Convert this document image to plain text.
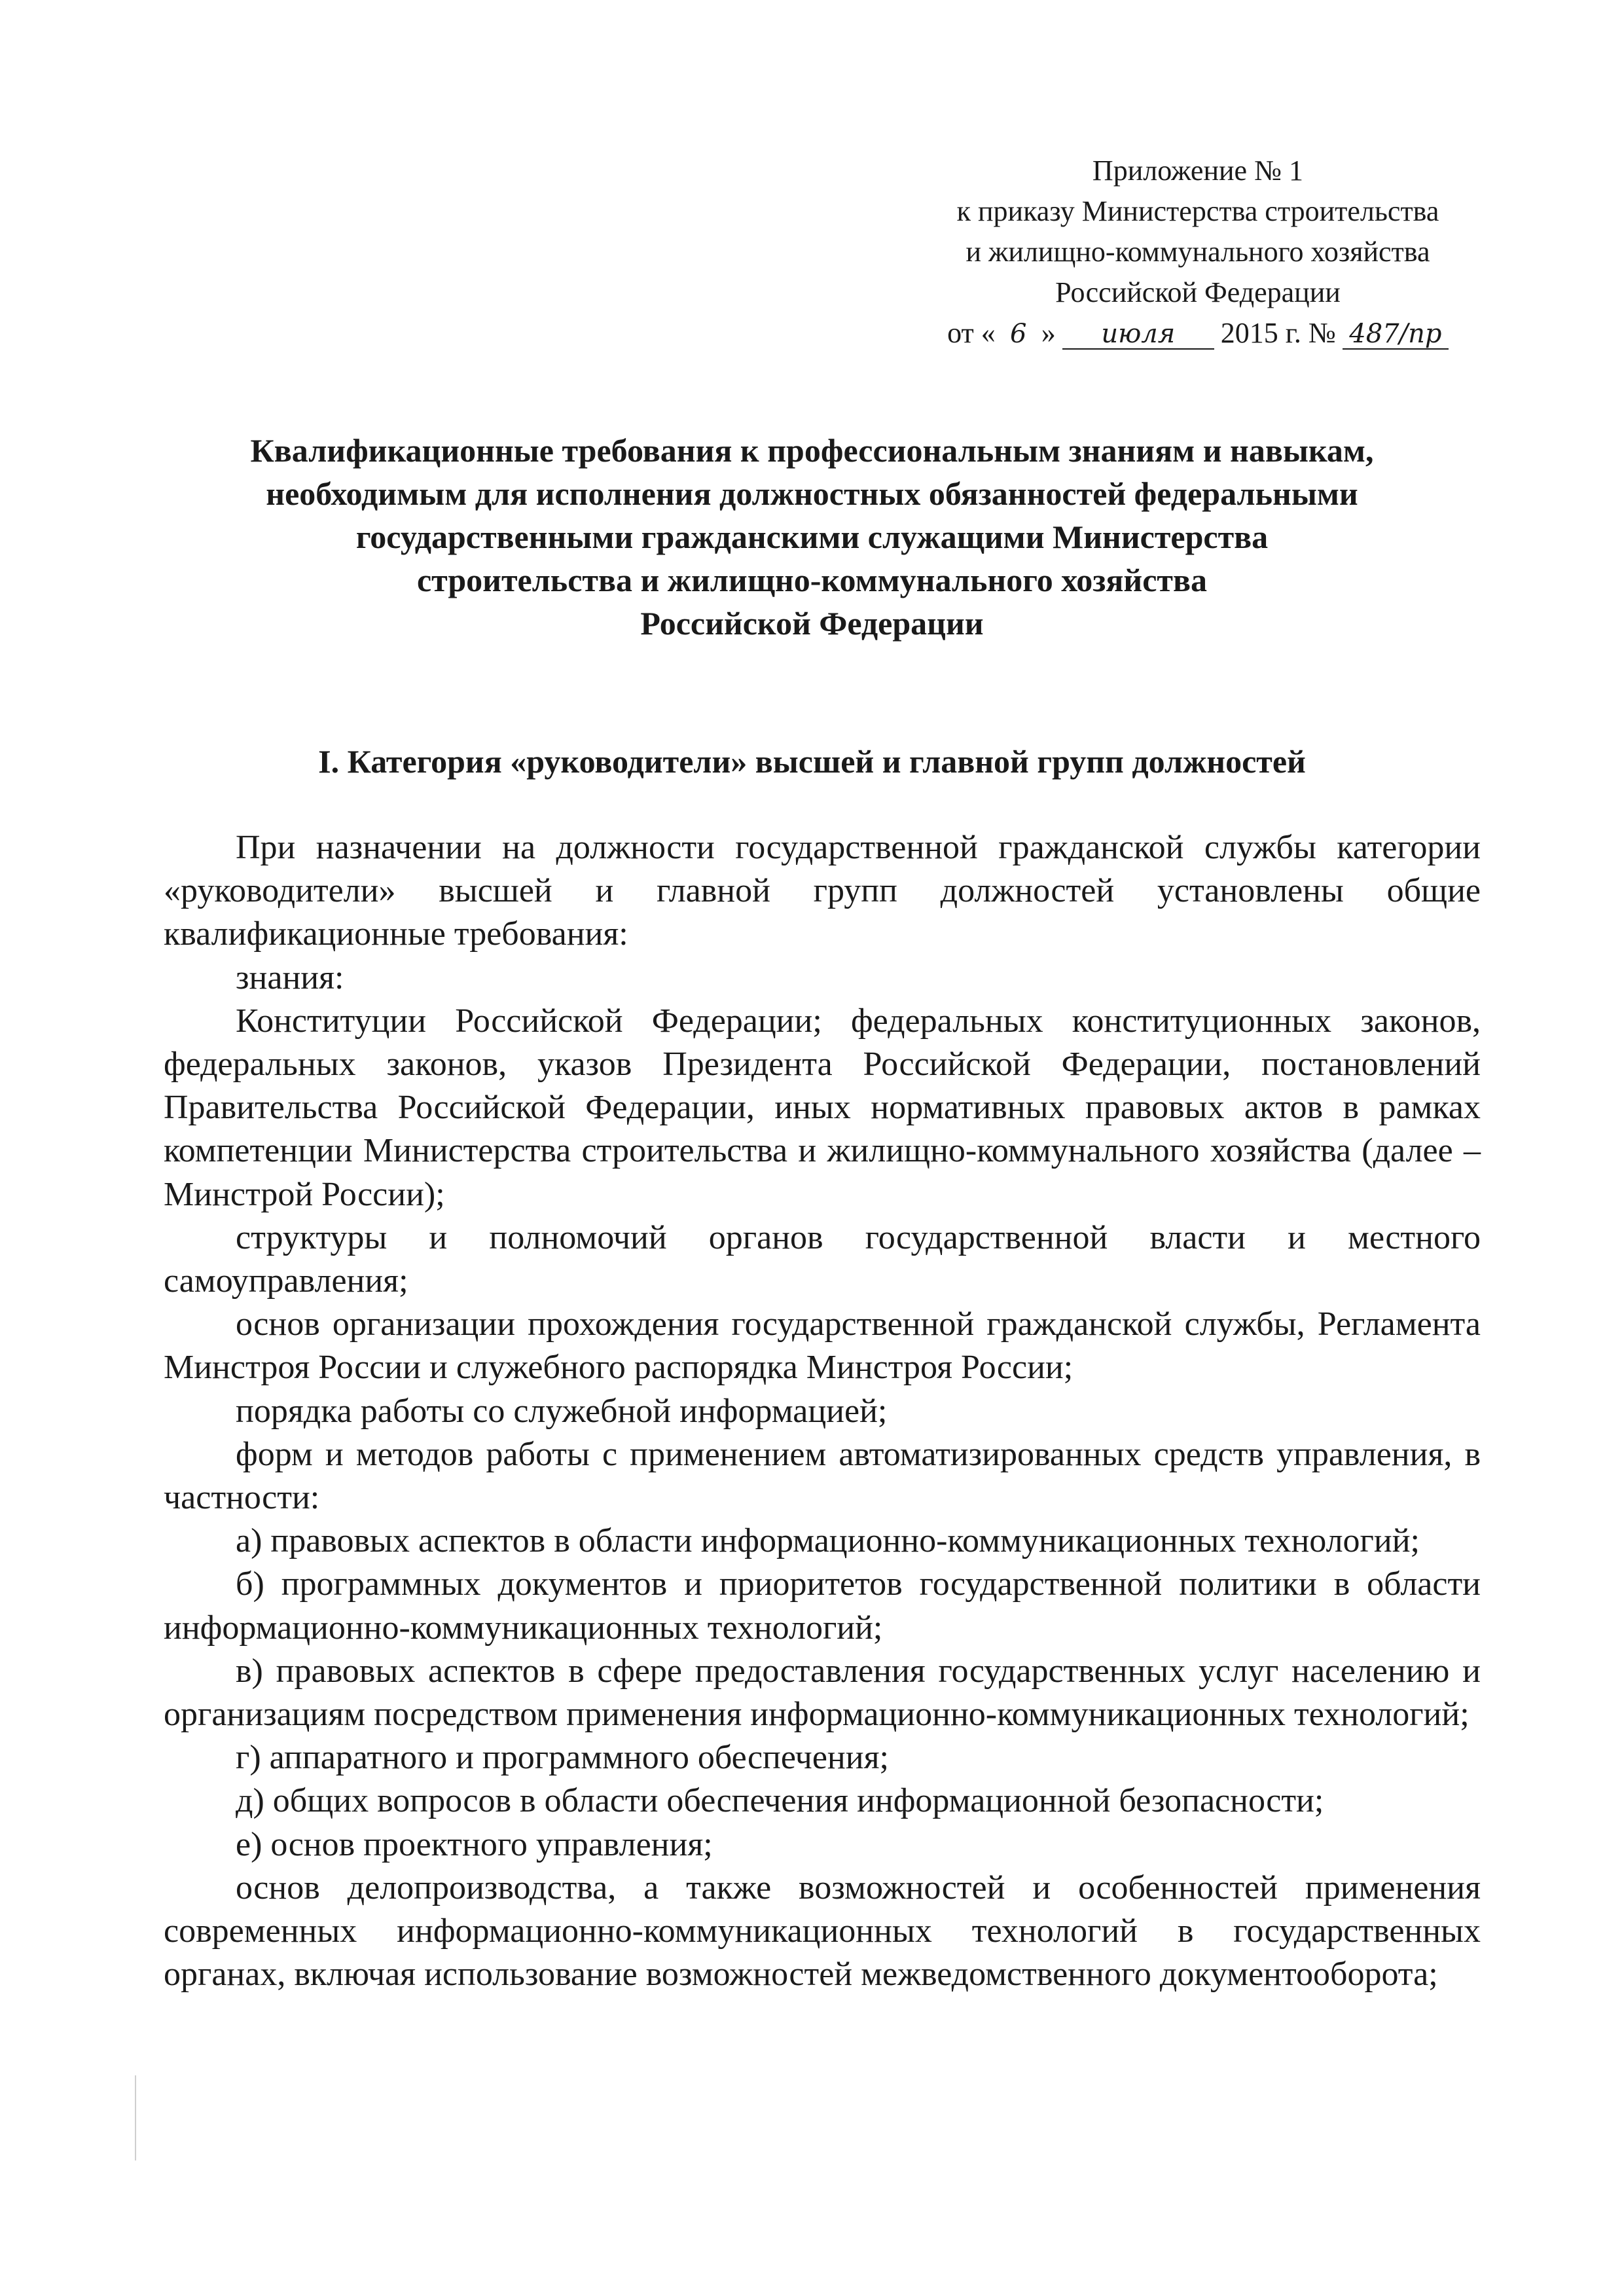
Приложение № 1
к приказу Министерства строительства
и жилищно-коммунального хозяйства
Российской Федерации
от « 6 »	июля	2015 г. № 487/пр
Квалификационные требования к профессиональным знаниям и навыкам,
необходимым для исполнения должностных обязанностей федеральными
государственными гражданскими служащими Министерства
строительства и жилищно-коммунального хозяйства
Российской Федерации
I. Категория «руководители» высшей и главной групп должностей

При назначении на должности государственной гражданской службы категории «руководители» высшей и главной групп должностей установлены общие квалификационные требования:

знания:

Конституции Российской Федерации; федеральных конституционных законов, федеральных законов, указов Президента Российской Федерации, постановлений Правительства Российской Федерации, иных нормативных правовых актов в рамках компетенции Министерства строительства и жилищно-коммунального хозяйства (далее – Минстрой России);

структуры и полномочий органов государственной власти и местного самоуправления;

основ организации прохождения государственной гражданской службы, Регламента Минстроя России и служебного распорядка Минстроя России;

порядка работы со служебной информацией;

форм и методов работы с применением автоматизированных средств управления, в частности:

а) правовых аспектов в области информационно-коммуникационных технологий;

б) программных документов и приоритетов государственной политики в области информационно-коммуникационных технологий;

в) правовых аспектов в сфере предоставления государственных услуг населению и организациям посредством применения информационно-коммуникационных технологий;

г) аппаратного и программного обеспечения;

д) общих вопросов в области обеспечения информационной безопасности;

е) основ проектного управления;

основ делопроизводства, а также возможностей и особенностей применения современных информационно-коммуникационных технологий в государственных органах, включая использование возможностей межведомственного документооборота;
